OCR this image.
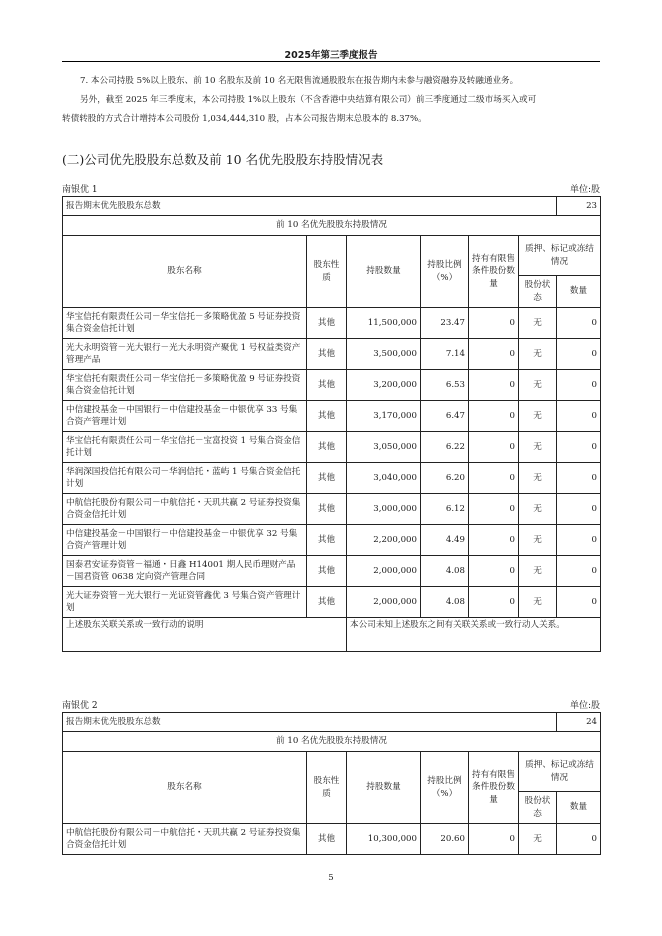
2025年第三季度报告
7. 本公司持股 5%以上股东、前 10 名股东及前 10 名无限售流通股股东在报告期内未参与融资融券及转融通业务。
另外，截至 2025 年三季度末，本公司持股 1%以上股东（不含香港中央结算有限公司）前三季度通过二级市场买入或可
转债转股的方式合计增持本公司股份 1,034,444,310 股，占本公司报告期末总股本的 8.37%。
(二)公司优先股股东总数及前 10 名优先股股东持股情况表
南银优 1	单位:股
报告期末优先股股东总数						23
前 10 名优先股股东持股情况						
股东名称	股东性质	持股数量	持股比例（%）	持有有限售条件股份数量	质押、标记或冻结情况	
					股份状态	数量
华宝信托有限责任公司－华宝信托－多策略优盈 5 号证券投资集合资金信托计划	其他	11,500,000	23.47	0	无	0
光大永明资管－光大银行－光大永明资产聚优 1 号权益类资产管理产品	其他	3,500,000	7.14	0	无	0
华宝信托有限责任公司－华宝信托－多策略优盈 9 号证券投资集合资金信托计划	其他	3,200,000	6.53	0	无	0
中信建投基金－中国银行－中信建投基金－中银优享 33 号集合资产管理计划	其他	3,170,000	6.47	0	无	0
华宝信托有限责任公司－华宝信托－宝富投资 1 号集合资金信托计划	其他	3,050,000	6.22	0	无	0
华润深国投信托有限公司－华润信托・蓝屿 1 号集合资金信托计划	其他	3,040,000	6.20	0	无	0
中航信托股份有限公司－中航信托・天玑共赢 2 号证券投资集合资金信托计划	其他	3,000,000	6.12	0	无	0
中信建投基金－中国银行－中信建投基金－中银优享 32 号集合资产管理计划	其他	2,200,000	4.49	0	无	0
国泰君安证券资管－福通・日鑫 H14001 期人民币理财产品－国君资管 0638 定向资产管理合同	其他	2,000,000	4.08	0	无	0
光大证券资管－光大银行－光证资管鑫优 3 号集合资产管理计划	其他	2,000,000	4.08	0	无	0
上述股东关联关系或一致行动的说明		本公司未知上述股东之间有关联关系或一致行动人关系。				
南银优 2	单位:股
报告期末优先股股东总数						24
前 10 名优先股股东持股情况						
股东名称	股东性质	持股数量	持股比例（%）	持有有限售条件股份数量	质押、标记或冻结情况	
					股份状态	数量
中航信托股份有限公司－中航信托・天玑共赢 2 号证券投资集合资金信托计划	其他	10,300,000	20.60	0	无	0
5
